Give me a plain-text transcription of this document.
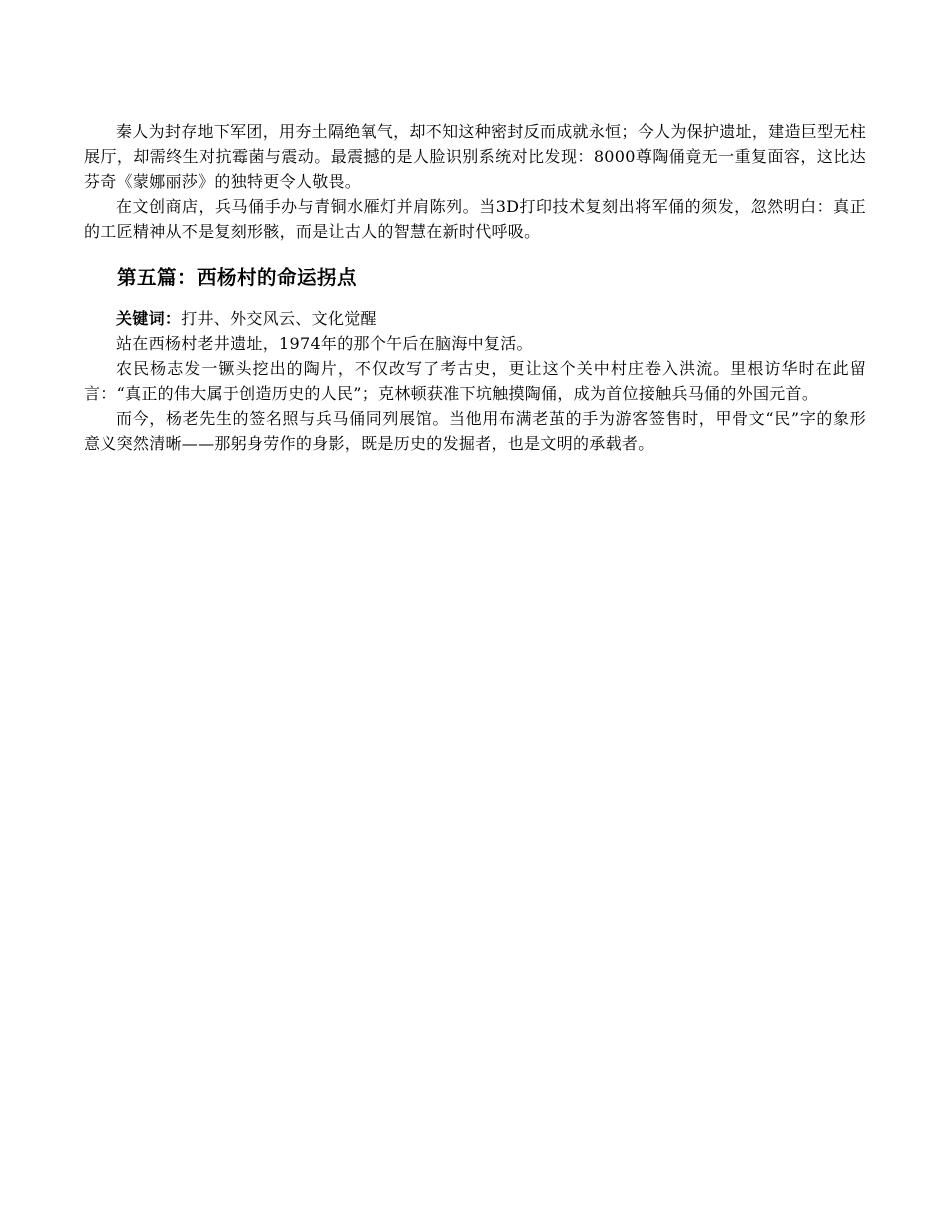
秦人为封存地下军团，用夯土隔绝氧气，却不知这种密封反而成就永恒；今人为保护遗址，建造巨型无柱展厅，却需终生对抗霉菌与震动。最震撼的是人脸识别系统对比发现：8000尊陶俑竟无一重复面容，这比达芬奇《蒙娜丽莎》的独特更令人敬畏。

在文创商店，兵马俑手办与青铜水雁灯并肩陈列。当3D打印技术复刻出将军俑的须发，忽然明白：真正的工匠精神从不是复刻形骸，而是让古人的智慧在新时代呼吸。

第五篇：西杨村的命运拐点

关键词：打井、外交风云、文化觉醒

站在西杨村老井遗址，1974年的那个午后在脑海中复活。

农民杨志发一镢头挖出的陶片，不仅改写了考古史，更让这个关中村庄卷入洪流。里根访华时在此留言：“真正的伟大属于创造历史的人民”；克林顿获准下坑触摸陶俑，成为首位接触兵马俑的外国元首。

而今，杨老先生的签名照与兵马俑同列展馆。当他用布满老茧的手为游客签售时，甲骨文“民”字的象形意义突然清晰——那躬身劳作的身影，既是历史的发掘者，也是文明的承载者。
